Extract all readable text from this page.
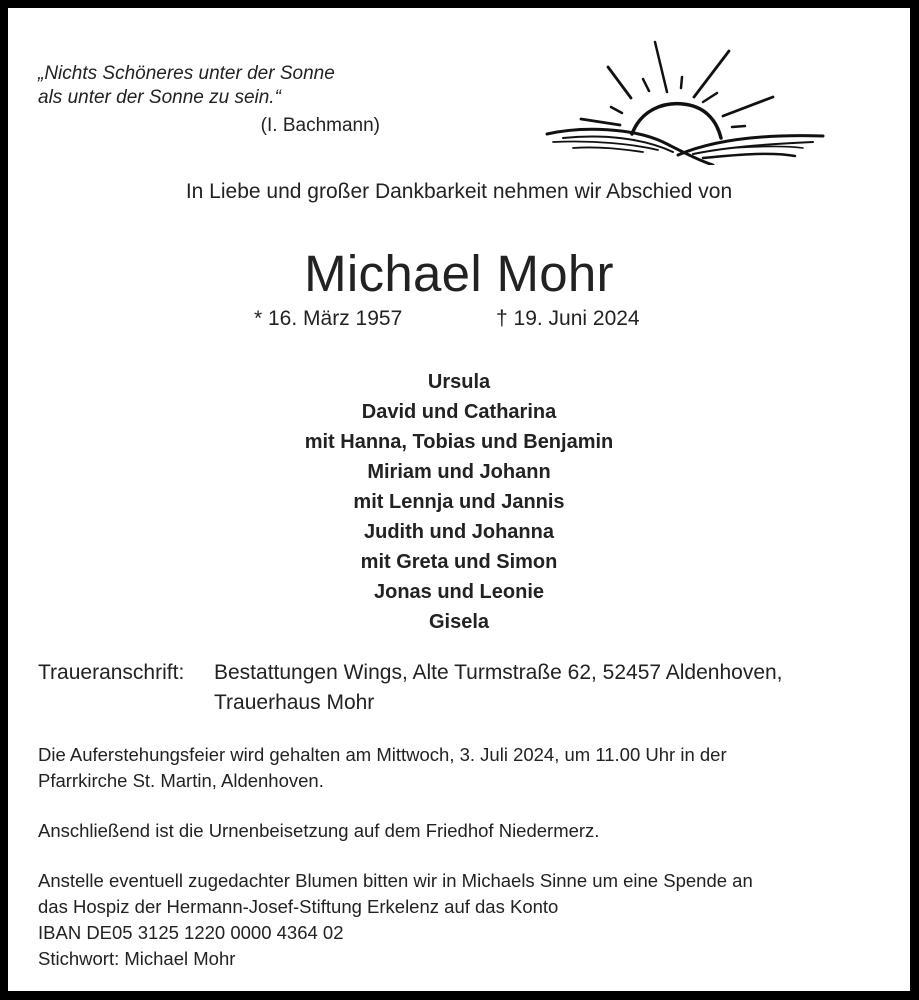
„Nichts Schöneres unter der Sonne
als unter der Sonne zu sein.“
(I. Bachmann)
In Liebe und großer Dankbarkeit nehmen wir Abschied von
Michael Mohr
* 16. März 1957	† 19. Juni 2024
Ursula
David und Catharina
mit Hanna, Tobias und Benjamin
Miriam und Johann
mit Lennja und Jannis
Judith und Johanna
mit Greta und Simon
Jonas und Leonie
Gisela
Traueranschrift: Bestattungen Wings, Alte Turmstraße 62, 52457 Aldenhoven,
Trauerhaus Mohr
Die Auferstehungsfeier wird gehalten am Mittwoch, 3. Juli 2024, um 11.00 Uhr in der
Pfarrkirche St. Martin, Aldenhoven.
Anschließend ist die Urnenbeisetzung auf dem Friedhof Niedermerz.
Anstelle eventuell zugedachter Blumen bitten wir in Michaels Sinne um eine Spende an
das Hospiz der Hermann-Josef-Stiftung Erkelenz auf das Konto
IBAN DE05 3125 1220 0000 4364 02
Stichwort: Michael Mohr
